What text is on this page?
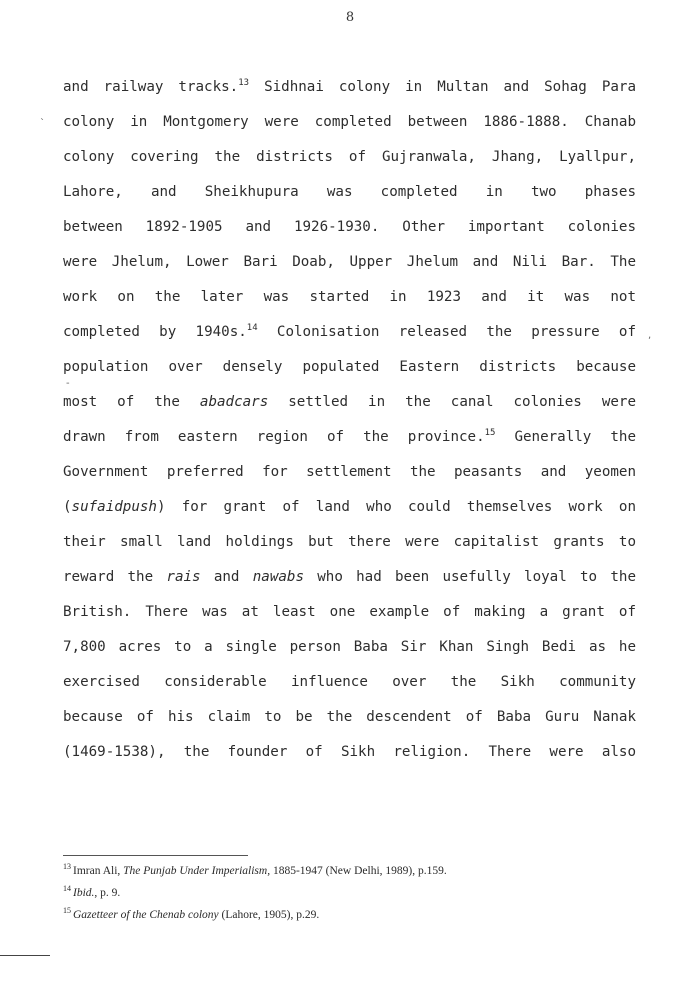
8
`
,
-
and railway tracks.$^{13}$ Sidhnai colony in Multan and Sohag Para
colony in Montgomery were completed between 1886-1888. Chanab
colony covering the districts of Gujranwala, Jhang, Lyallpur,
Lahore, and Sheikhupura was completed in two phases
between 1892-1905 and 1926-1930. Other important colonies
were Jhelum, Lower Bari Doab, Upper Jhelum and Nili Bar. The
work on the later was started in 1923 and it was not
completed by 1940s.$^{14}$ Colonisation released the pressure of
population over densely populated Eastern districts because
most of the abadcars settled in the canal colonies were
drawn from eastern region of the province.$^{15}$ Generally the
Government preferred for settlement the peasants and yeomen
(sufaidpush) for grant of land who could themselves work on
their small land holdings but there were capitalist grants to
reward the rais and nawabs who had been usefully loyal to the
British. There was at least one example of making a grant of
7,800 acres to a single person Baba Sir Khan Singh Bedi as he
exercised considerable influence over the Sikh community
because of his claim to be the descendent of Baba Guru Nanak
(1469-1538), the founder of Sikh religion. There were also
$^{13}$ Imran Ali, The Punjab Under Imperialism, 1885-1947 (New Delhi, 1989), p.159.
$^{14}$ Ibid., p. 9.
$^{15}$ Gazetteer of the Chenab colony (Lahore, 1905), p.29.
